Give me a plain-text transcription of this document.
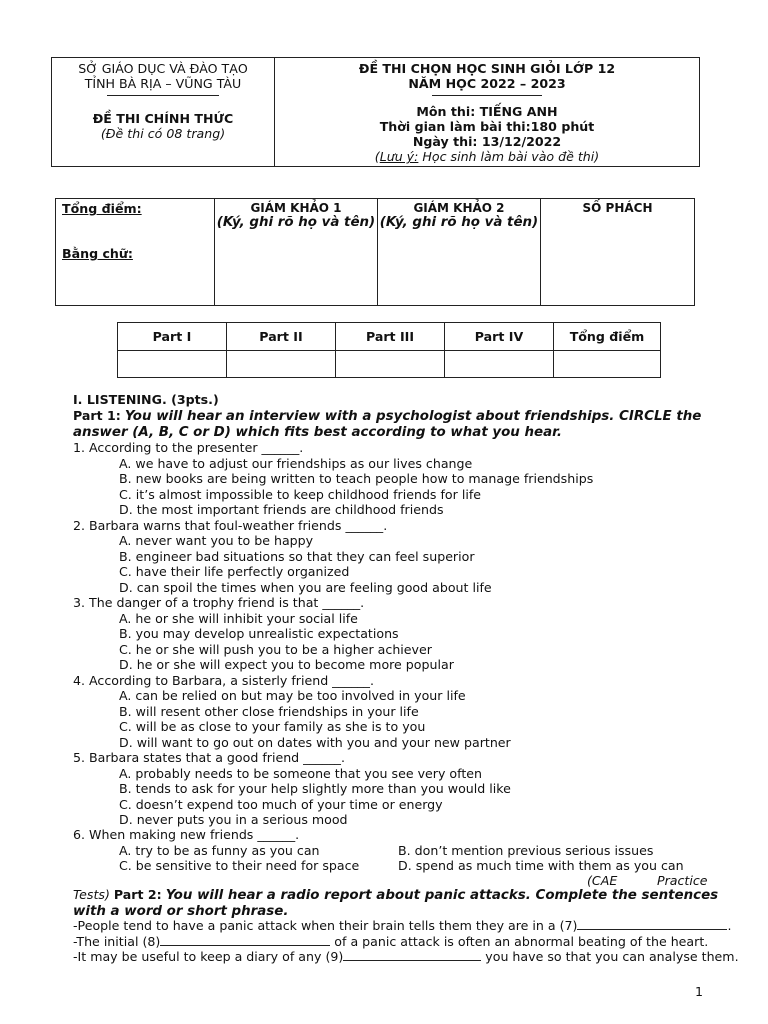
SỞ GIÁO DỤC VÀ ĐÀO TẠO
TỈNH BÀ RỊA – VŨNG TÀU
ĐỀ THI CHÍNH THỨC
(Đề thi có 08 trang)

ĐỀ THI CHỌN HỌC SINH GIỎI LỚP 12
NĂM HỌC 2022 – 2023
Môn thi: TIẾNG ANH
Thời gian làm bài thi:180 phút
Ngày thi: 13/12/2022
(Lưu ý: Học sinh làm bài vào đề thi)
Tổng điểm:
Bằng chữ:

GIÁM KHẢO 1
(Ký, ghi rõ họ và tên)

GIÁM KHẢO 2
(Ký, ghi rõ họ và tên)

SỐ PHÁCH
Part I	Part II	Part III	Part IV	Tổng điểm

I. LISTENING. (3pts.)
Part 1: You will hear an interview with a psychologist about friendships. CIRCLE the
answer (A, B, C or D) which fits best according to what you hear.
1. According to the presenter ______.
A. we have to adjust our friendships as our lives change
B. new books are being written to teach people how to manage friendships
C. it’s almost impossible to keep childhood friends for life
D. the most important friends are childhood friends
2. Barbara warns that foul-weather friends ______.
A. never want you to be happy
B. engineer bad situations so that they can feel superior
C. have their life perfectly organized
D. can spoil the times when you are feeling good about life
3. The danger of a trophy friend is that ______.
A. he or she will inhibit your social life
B. you may develop unrealistic expectations
C. he or she will push you to be a higher achiever
D. he or she will expect you to become more popular
4. According to Barbara, a sisterly friend ______.
A. can be relied on but may be too involved in your life
B. will resent other close friendships in your life
C. will be as close to your family as she is to you
D. will want to go out on dates with you and your new partner
5. Barbara states that a good friend ______.
A. probably needs to be someone that you see very often
B. tends to ask for your help slightly more than you would like
C. doesn’t expend too much of your time or energy
D. never puts you in a serious mood
6. When making new friends ______.
A. try to be as funny as you can	B. don’t mention previous serious issues
C. be sensitive to their need for space	D. spend as much time with them as you can
(CAE	Practice
Tests) Part 2: You will hear a radio report about panic attacks. Complete the sentences
with a word or short phrase.
-People tend to have a panic attack when their brain tells them they are in a (7)	.
-The initial (8)	of a panic attack is often an abnormal beating of the heart.
-It may be useful to keep a diary of any (9)	you have so that you can analyse them.
1
